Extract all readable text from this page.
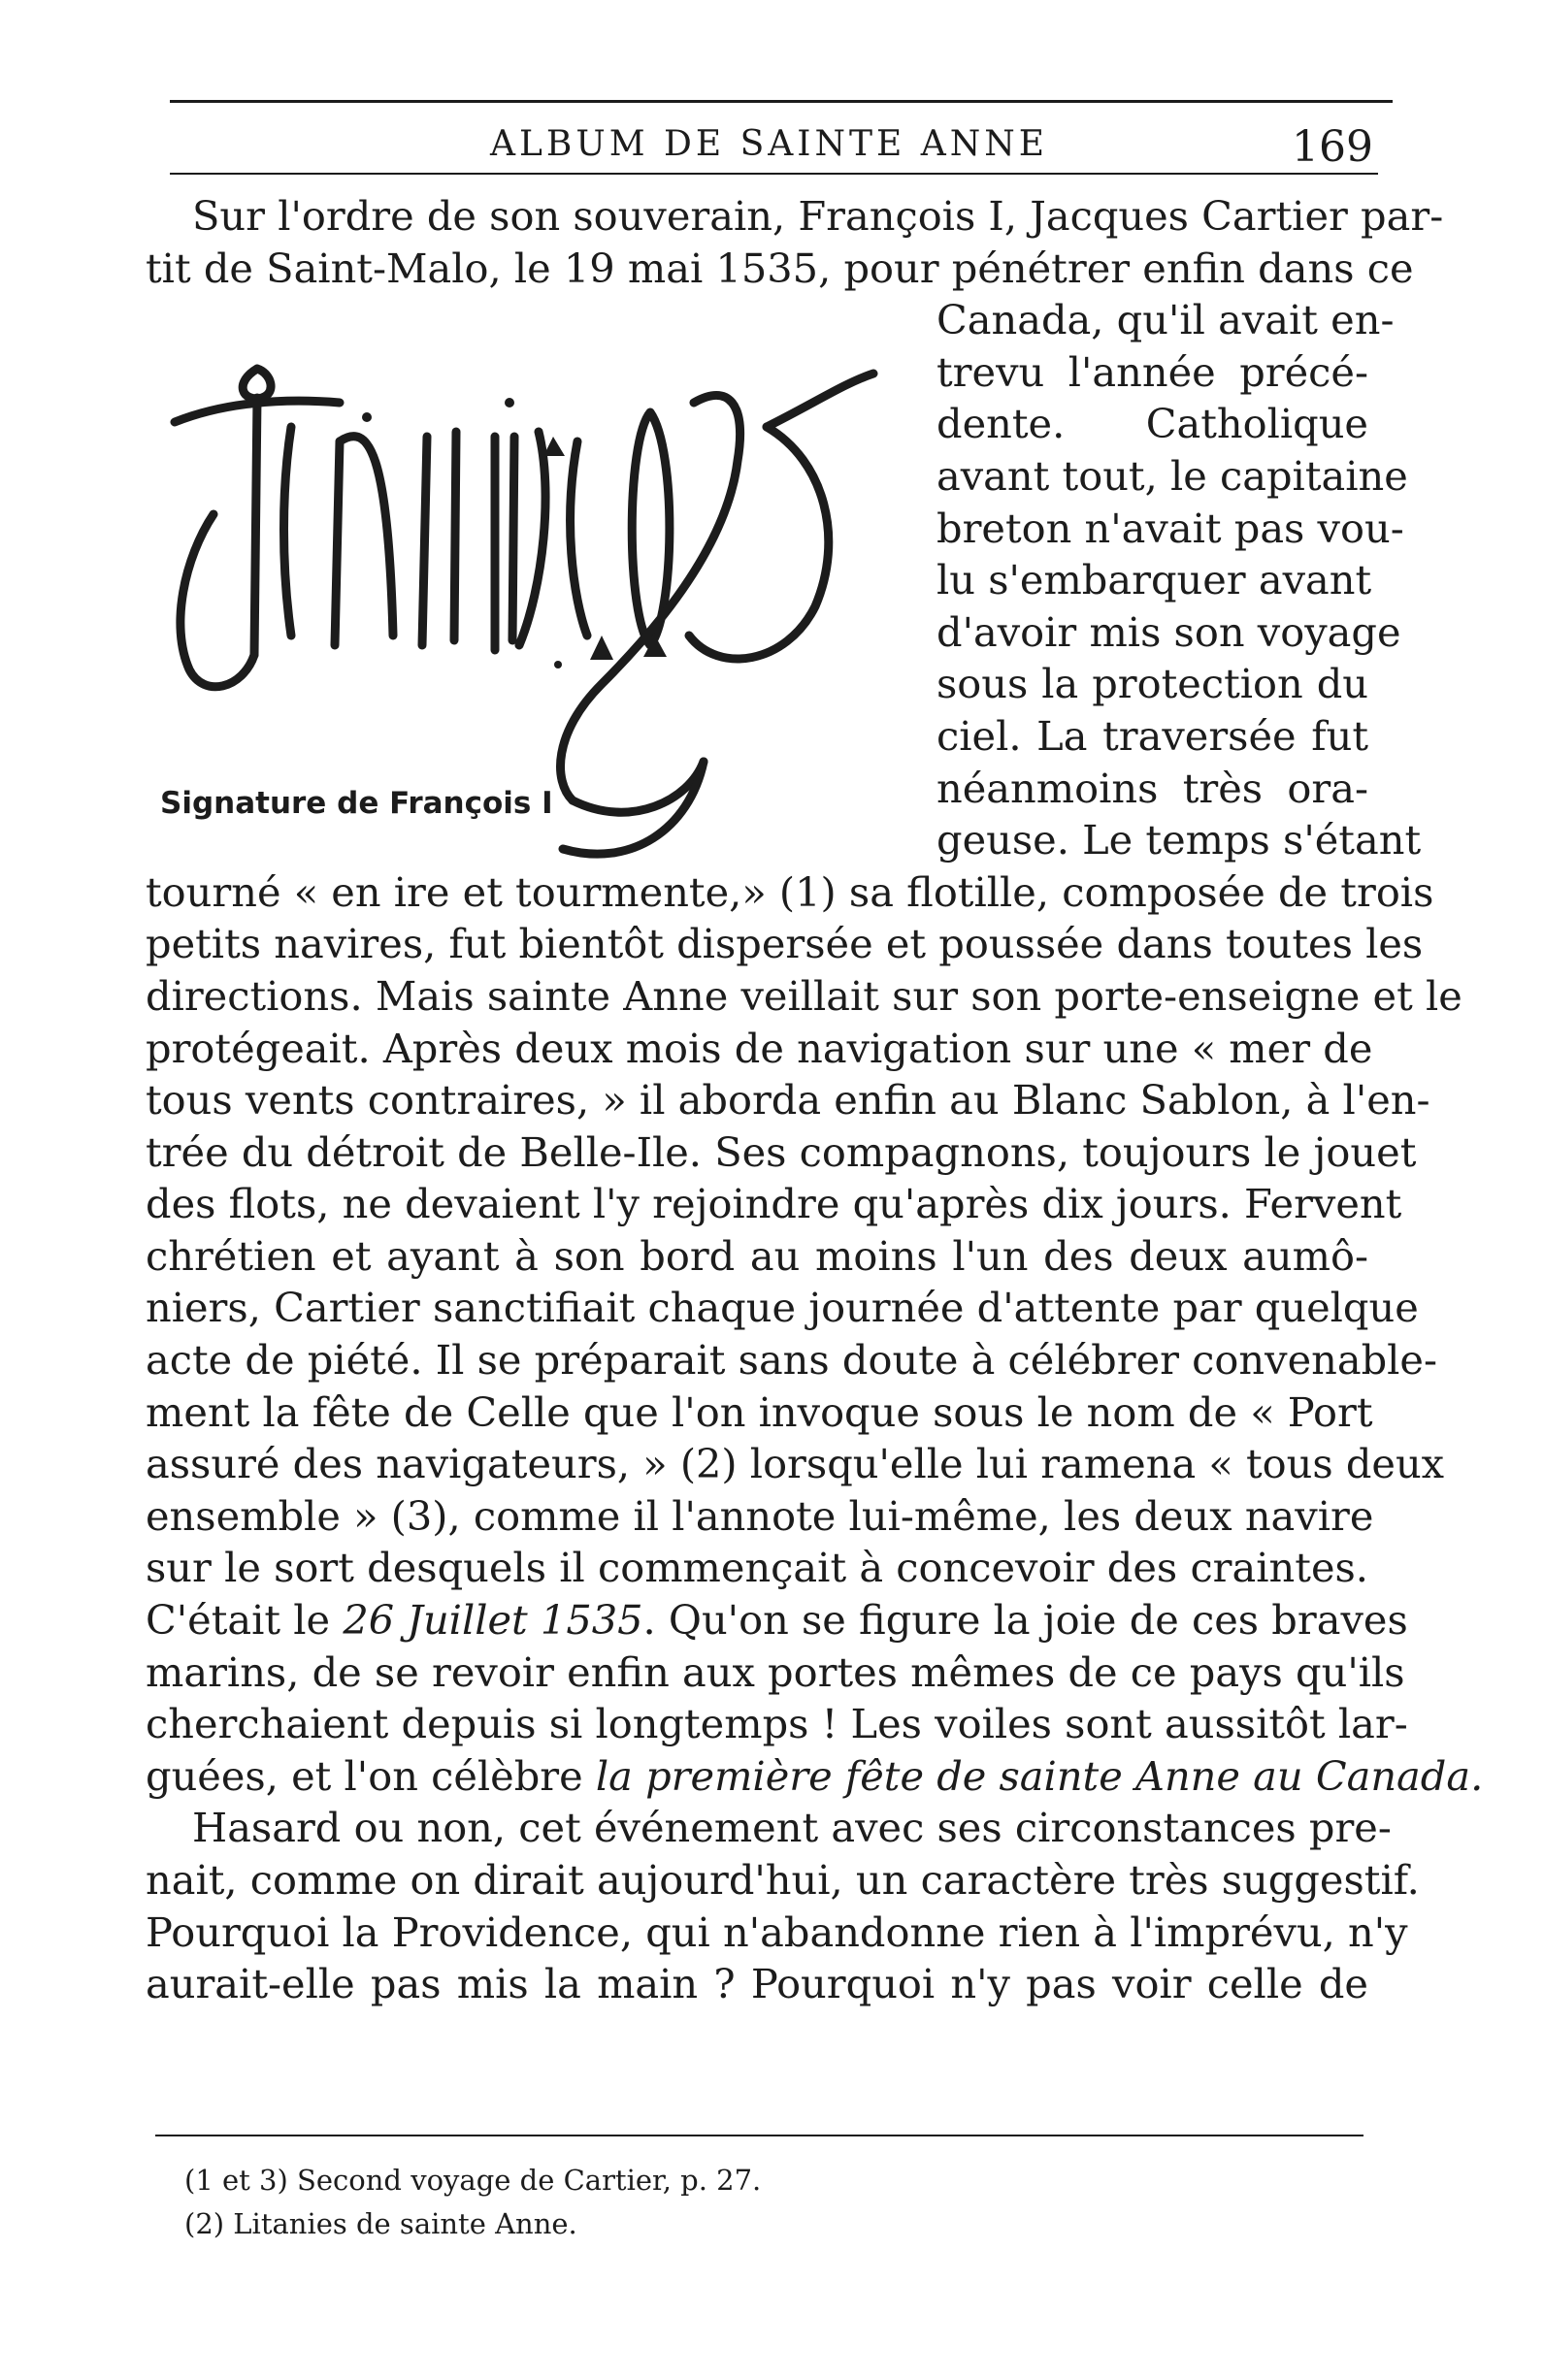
ALBUM DE SAINTE ANNE	169
Signature de François I
Sur l'ordre de son souverain, François I, Jacques Cartier par-
tit de Saint-Malo, le 19 mai 1535, pour pénétrer enfin dans ce
Canada, qu'il avait en-
trevu l'année précé-
dente. Catholique
avant tout, le capitaine
breton n'avait pas vou-
lu s'embarquer avant
d'avoir mis son voyage
sous la protection du
ciel. La traversée fut
néanmoins très ora-
geuse. Le temps s'étant
tourné « en ire et tourmente,» (1) sa flotille, composée de trois
petits navires, fut bientôt dispersée et poussée dans toutes les
directions. Mais sainte Anne veillait sur son porte-enseigne et le
protégeait. Après deux mois de navigation sur une « mer de
tous vents contraires, » il aborda enfin au Blanc Sablon, à l'en-
trée du détroit de Belle-Ile. Ses compagnons, toujours le jouet
des flots, ne devaient l'y rejoindre qu'après dix jours. Fervent
chrétien et ayant à son bord au moins l'un des deux aumô-
niers, Cartier sanctifiait chaque journée d'attente par quelque
acte de piété. Il se préparait sans doute à célébrer convenable-
ment la fête de Celle que l'on invoque sous le nom de « Port
assuré des navigateurs, » (2) lorsqu'elle lui ramena « tous deux
ensemble » (3), comme il l'annote lui-même, les deux navire
sur le sort desquels il commençait à concevoir des craintes.
C'était le 26 Juillet 1535. Qu'on se figure la joie de ces braves
marins, de se revoir enfin aux portes mêmes de ce pays qu'ils
cherchaient depuis si longtemps ! Les voiles sont aussitôt lar-
guées, et l'on célèbre la première fête de sainte Anne au Canada.
Hasard ou non, cet événement avec ses circonstances pre-
nait, comme on dirait aujourd'hui, un caractère très suggestif.
Pourquoi la Providence, qui n'abandonne rien à l'imprévu, n'y
aurait-elle pas mis la main ? Pourquoi n'y pas voir celle de
(1 et 3) Second voyage de Cartier, p. 27.
(2) Litanies de sainte Anne.
